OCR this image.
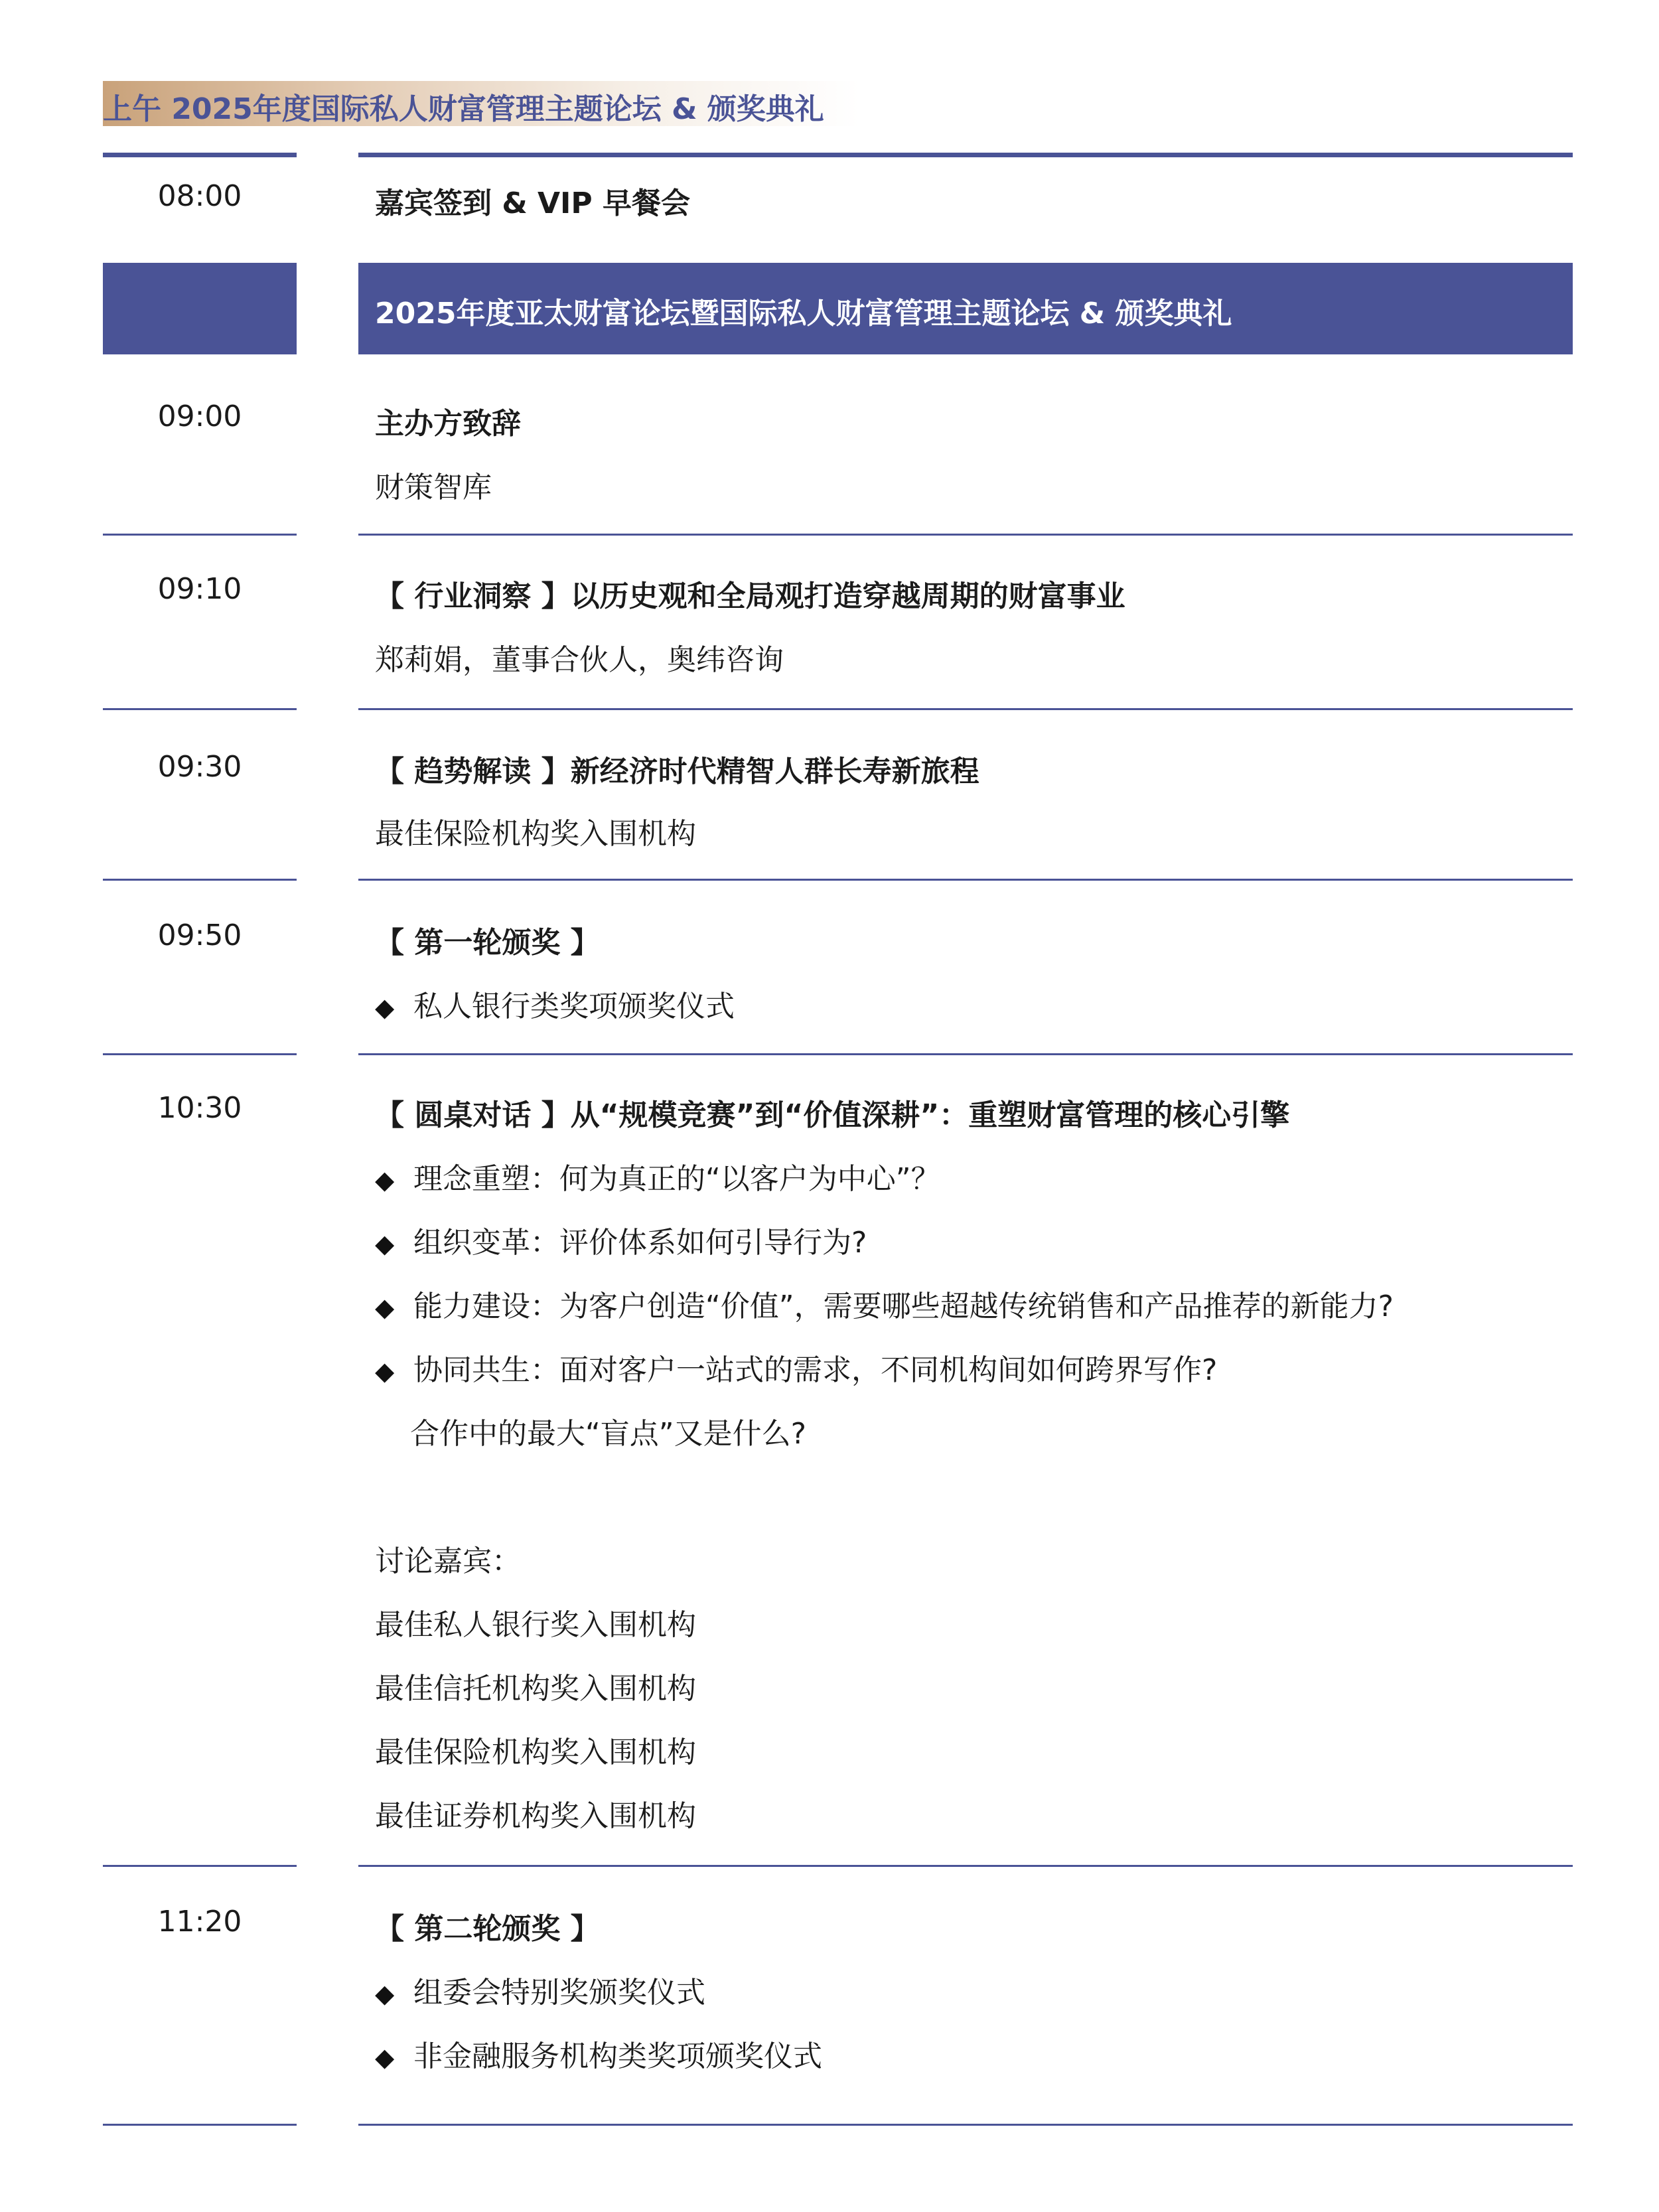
上午 2025年度国际私人财富管理主题论坛 & 颁奖典礼
08:00	嘉宾签到 & VIP 早餐会
2025年度亚太财富论坛暨国际私人财富管理主题论坛 & 颁奖典礼
09:00	主办方致辞
财策智库
09:10	【 行业洞察 】以历史观和全局观打造穿越周期的财富事业
郑莉娟，董事合伙人，奥纬咨询
09:30	【 趋势解读 】新经济时代精智人群长寿新旅程
最佳保险机构奖入围机构
09:50	【 第一轮颁奖 】
◆ 私人银行类奖项颁奖仪式
10:30	【 圆桌对话 】从“规模竞赛”到“价值深耕”：重塑财富管理的核心引擎
◆ 理念重塑：何为真正的“以客户为中心”？
◆ 组织变革：评价体系如何引导行为?
◆ 能力建设：为客户创造“价值”，需要哪些超越传统销售和产品推荐的新能力?
◆ 协同共生：面对客户一站式的需求，不同机构间如何跨界写作?
合作中的最大“盲点”又是什么?
讨论嘉宾：
最佳私人银行奖入围机构
最佳信托机构奖入围机构
最佳保险机构奖入围机构
最佳证券机构奖入围机构
11:20	【 第二轮颁奖 】
◆ 组委会特别奖颁奖仪式
◆ 非金融服务机构类奖项颁奖仪式
